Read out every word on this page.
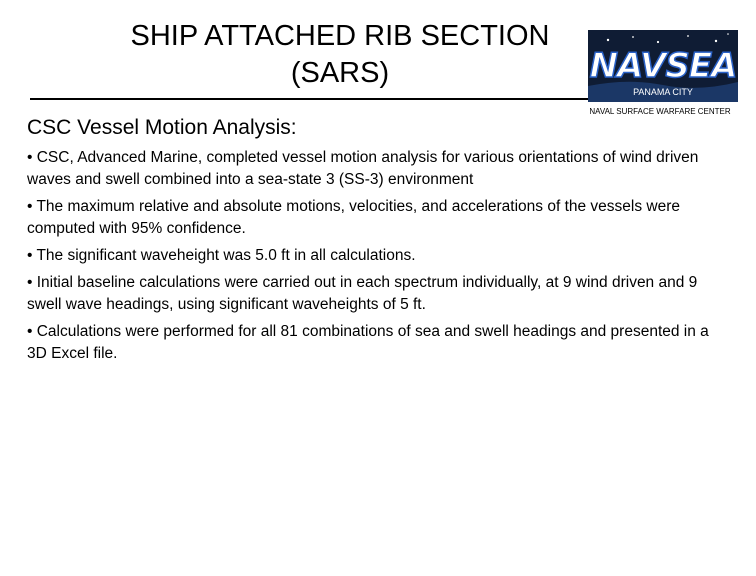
SHIP ATTACHED RIB SECTION
(SARS)	NAVSEA
PANAMA CITY

NAVAL SURFACE WARFARE CENTER

CSC Vessel Motion Analysis:
• CSC, Advanced Marine, completed vessel motion analysis for various orientations of wind driven waves and swell combined into a sea-state 3 (SS-3) environment
• The maximum relative and absolute motions, velocities, and accelerations of the vessels were computed with 95% confidence.
• The significant waveheight was 5.0 ft in all calculations.
• Initial baseline calculations were carried out in each spectrum individually, at 9 wind driven and 9 swell wave headings, using significant waveheights of 5 ft.
• Calculations were performed for all 81 combinations of sea and swell headings and presented in a 3D Excel file.
